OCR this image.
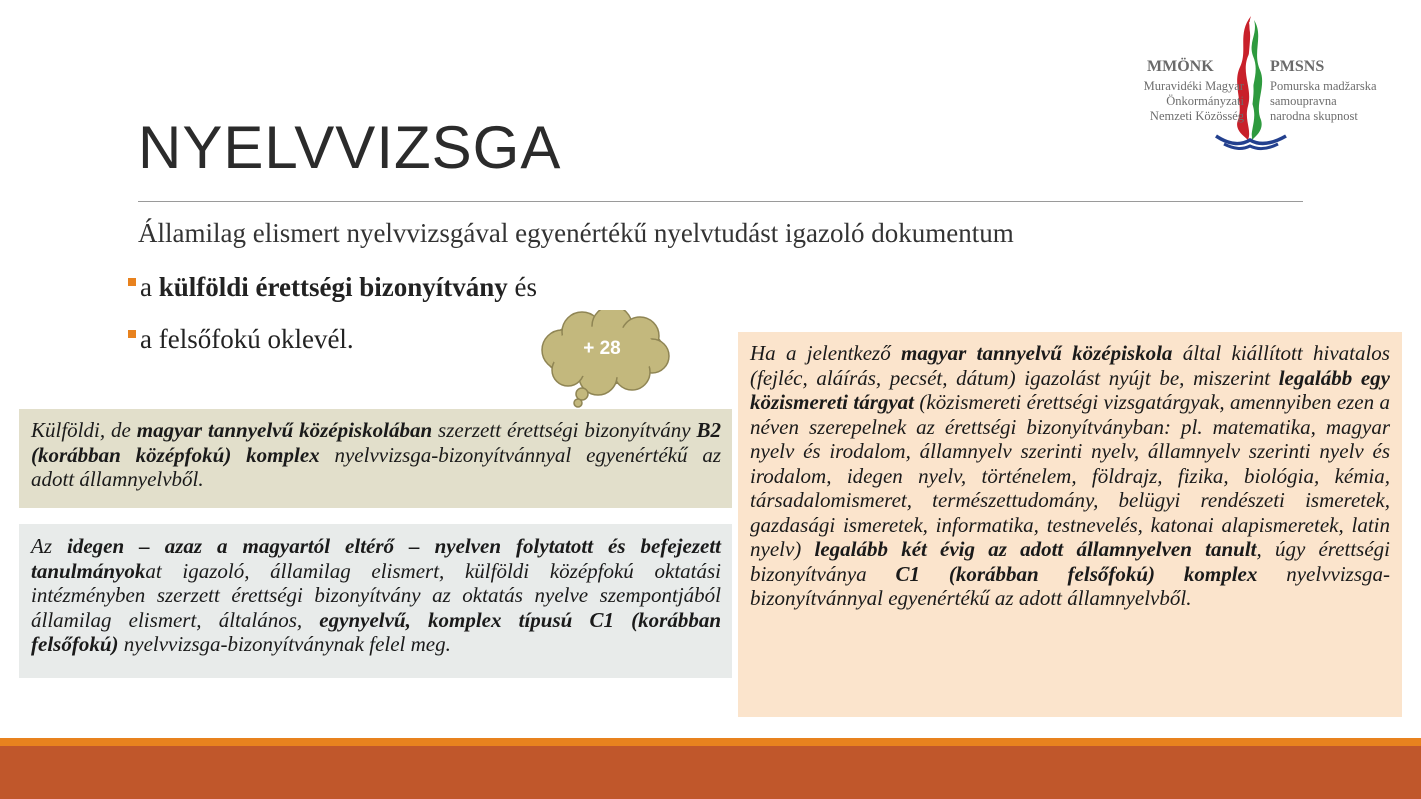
MMÖNK	PMSNS
Muravidéki Magyar
Önkormányzati
Nemzeti Közösség
Pomurska madžarska
samoupravna
narodna skupnost
NYELVVIZSGA
Államilag elismert nyelvvizsgával egyenértékű nyelvtudást igazoló dokumentum
a külföldi érettségi bizonyítvány és
a felsőfokú oklevél.	+ 28
Külföldi, de magyar tannyelvű középiskolában szerzett érettségi bizonyítvány B2 (korábban középfokú) komplex nyelvvizsga-bizonyítvánnyal egyenértékű az adott államnyelvből.
Az idegen – azaz a magyartól eltérő – nyelven folytatott és befejezett tanulmányokat igazoló, államilag elismert, külföldi középfokú oktatási intézményben szerzett érettségi bizonyítvány az oktatás nyelve szempontjából államilag elismert, általános, egynyelvű, komplex típusú C1 (korábban felsőfokú) nyelvvizsga-bizonyítványnak felel meg.
Ha a jelentkező magyar tannyelvű középiskola által kiállított hivatalos (fejléc, aláírás, pecsét, dátum) igazolást nyújt be, miszerint legalább egy közismereti tárgyat (közismereti érettségi vizsgatárgyak, amennyiben ezen a néven szerepelnek az érettségi bizonyítványban: pl. matematika, magyar nyelv és irodalom, államnyelv szerinti nyelv, államnyelv szerinti nyelv és irodalom, idegen nyelv, történelem, földrajz, fizika, biológia, kémia, társadalomismeret, természettudomány, belügyi rendészeti ismeretek, gazdasági ismeretek, informatika, testnevelés, katonai alapismeretek, latin nyelv) legalább két évig az adott államnyelven tanult, úgy érettségi bizonyítványa C1 (korábban felsőfokú) komplex nyelvvizsga-bizonyítvánnyal egyenértékű az adott államnyelvből.
